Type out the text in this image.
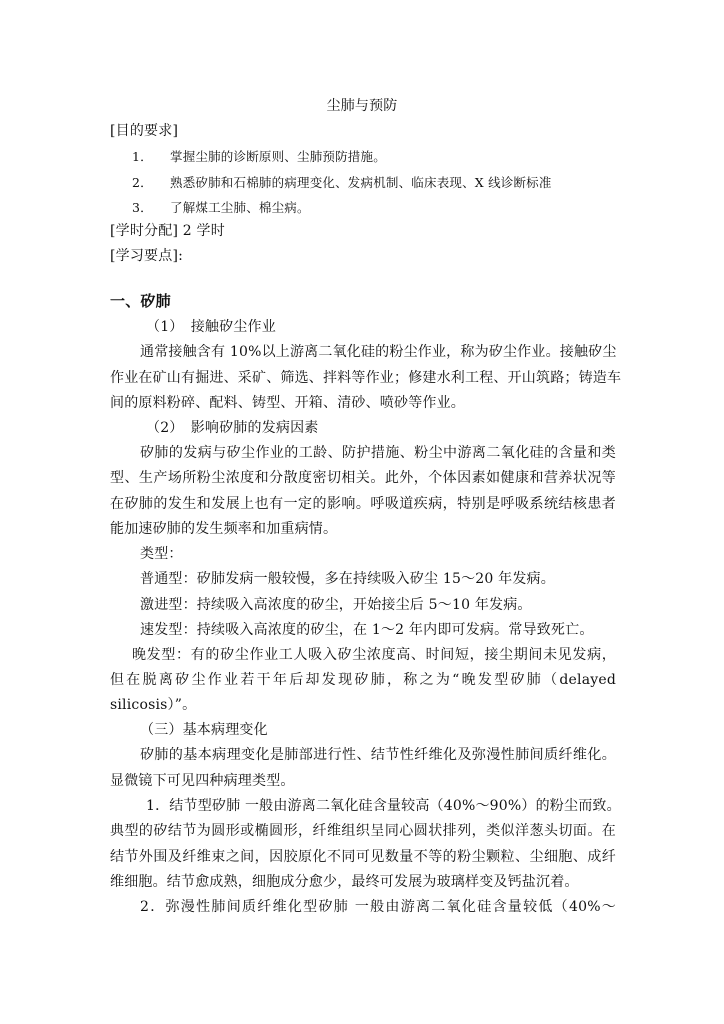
尘肺与预防
[目的要求]
1． 掌握尘肺的诊断原则、尘肺预防措施。
2． 熟悉矽肺和石棉肺的病理变化、发病机制、临床表现、X 线诊断标准
3． 了解煤工尘肺、棉尘病。
[学时分配] 2 学时
[学习要点]:
一、矽肺
（1）　接触矽尘作业
通常接触含有 10%以上游离二氧化硅的粉尘作业，称为矽尘作业。接触矽尘
作业在矿山有掘进、采矿、筛选、拌料等作业；修建水利工程、开山筑路；铸造车
间的原料粉碎、配料、铸型、开箱、清砂、喷砂等作业。
（2）　影响矽肺的发病因素
矽肺的发病与矽尘作业的工龄、防护措施、粉尘中游离二氧化硅的含量和类
型、生产场所粉尘浓度和分散度密切相关。此外，个体因素如健康和营养状况等
在矽肺的发生和发展上也有一定的影响。呼吸道疾病，特别是呼吸系统结核患者
能加速矽肺的发生频率和加重病情。
类型：
普通型：矽肺发病一般较慢，多在持续吸入矽尘 15～20 年发病。
激进型：持续吸入高浓度的矽尘，开始接尘后 5～10 年发病。
速发型：持续吸入高浓度的矽尘，在 1～2 年内即可发病。常导致死亡。
晚发型：有的矽尘作业工人吸入矽尘浓度高、时间短，接尘期间未见发病，
但在脱离矽尘作业若干年后却发现矽肺，称之为“晚发型矽肺（delayed
silicosis）”。
（三）基本病理变化
矽肺的基本病理变化是肺部进行性、结节性纤维化及弥漫性肺间质纤维化。
显微镜下可见四种病理类型。
1．结节型矽肺 一般由游离二氧化硅含量较高（40%～90%）的粉尘而致。
典型的矽结节为圆形或椭圆形，纤维组织呈同心圆状排列，类似洋葱头切面。在
结节外围及纤维束之间，因胶原化不同可见数量不等的粉尘颗粒、尘细胞、成纤
维细胞。结节愈成熟，细胞成分愈少，最终可发展为玻璃样变及钙盐沉着。
2．弥漫性肺间质纤维化型矽肺 一般由游离二氧化硅含量较低（40%～
